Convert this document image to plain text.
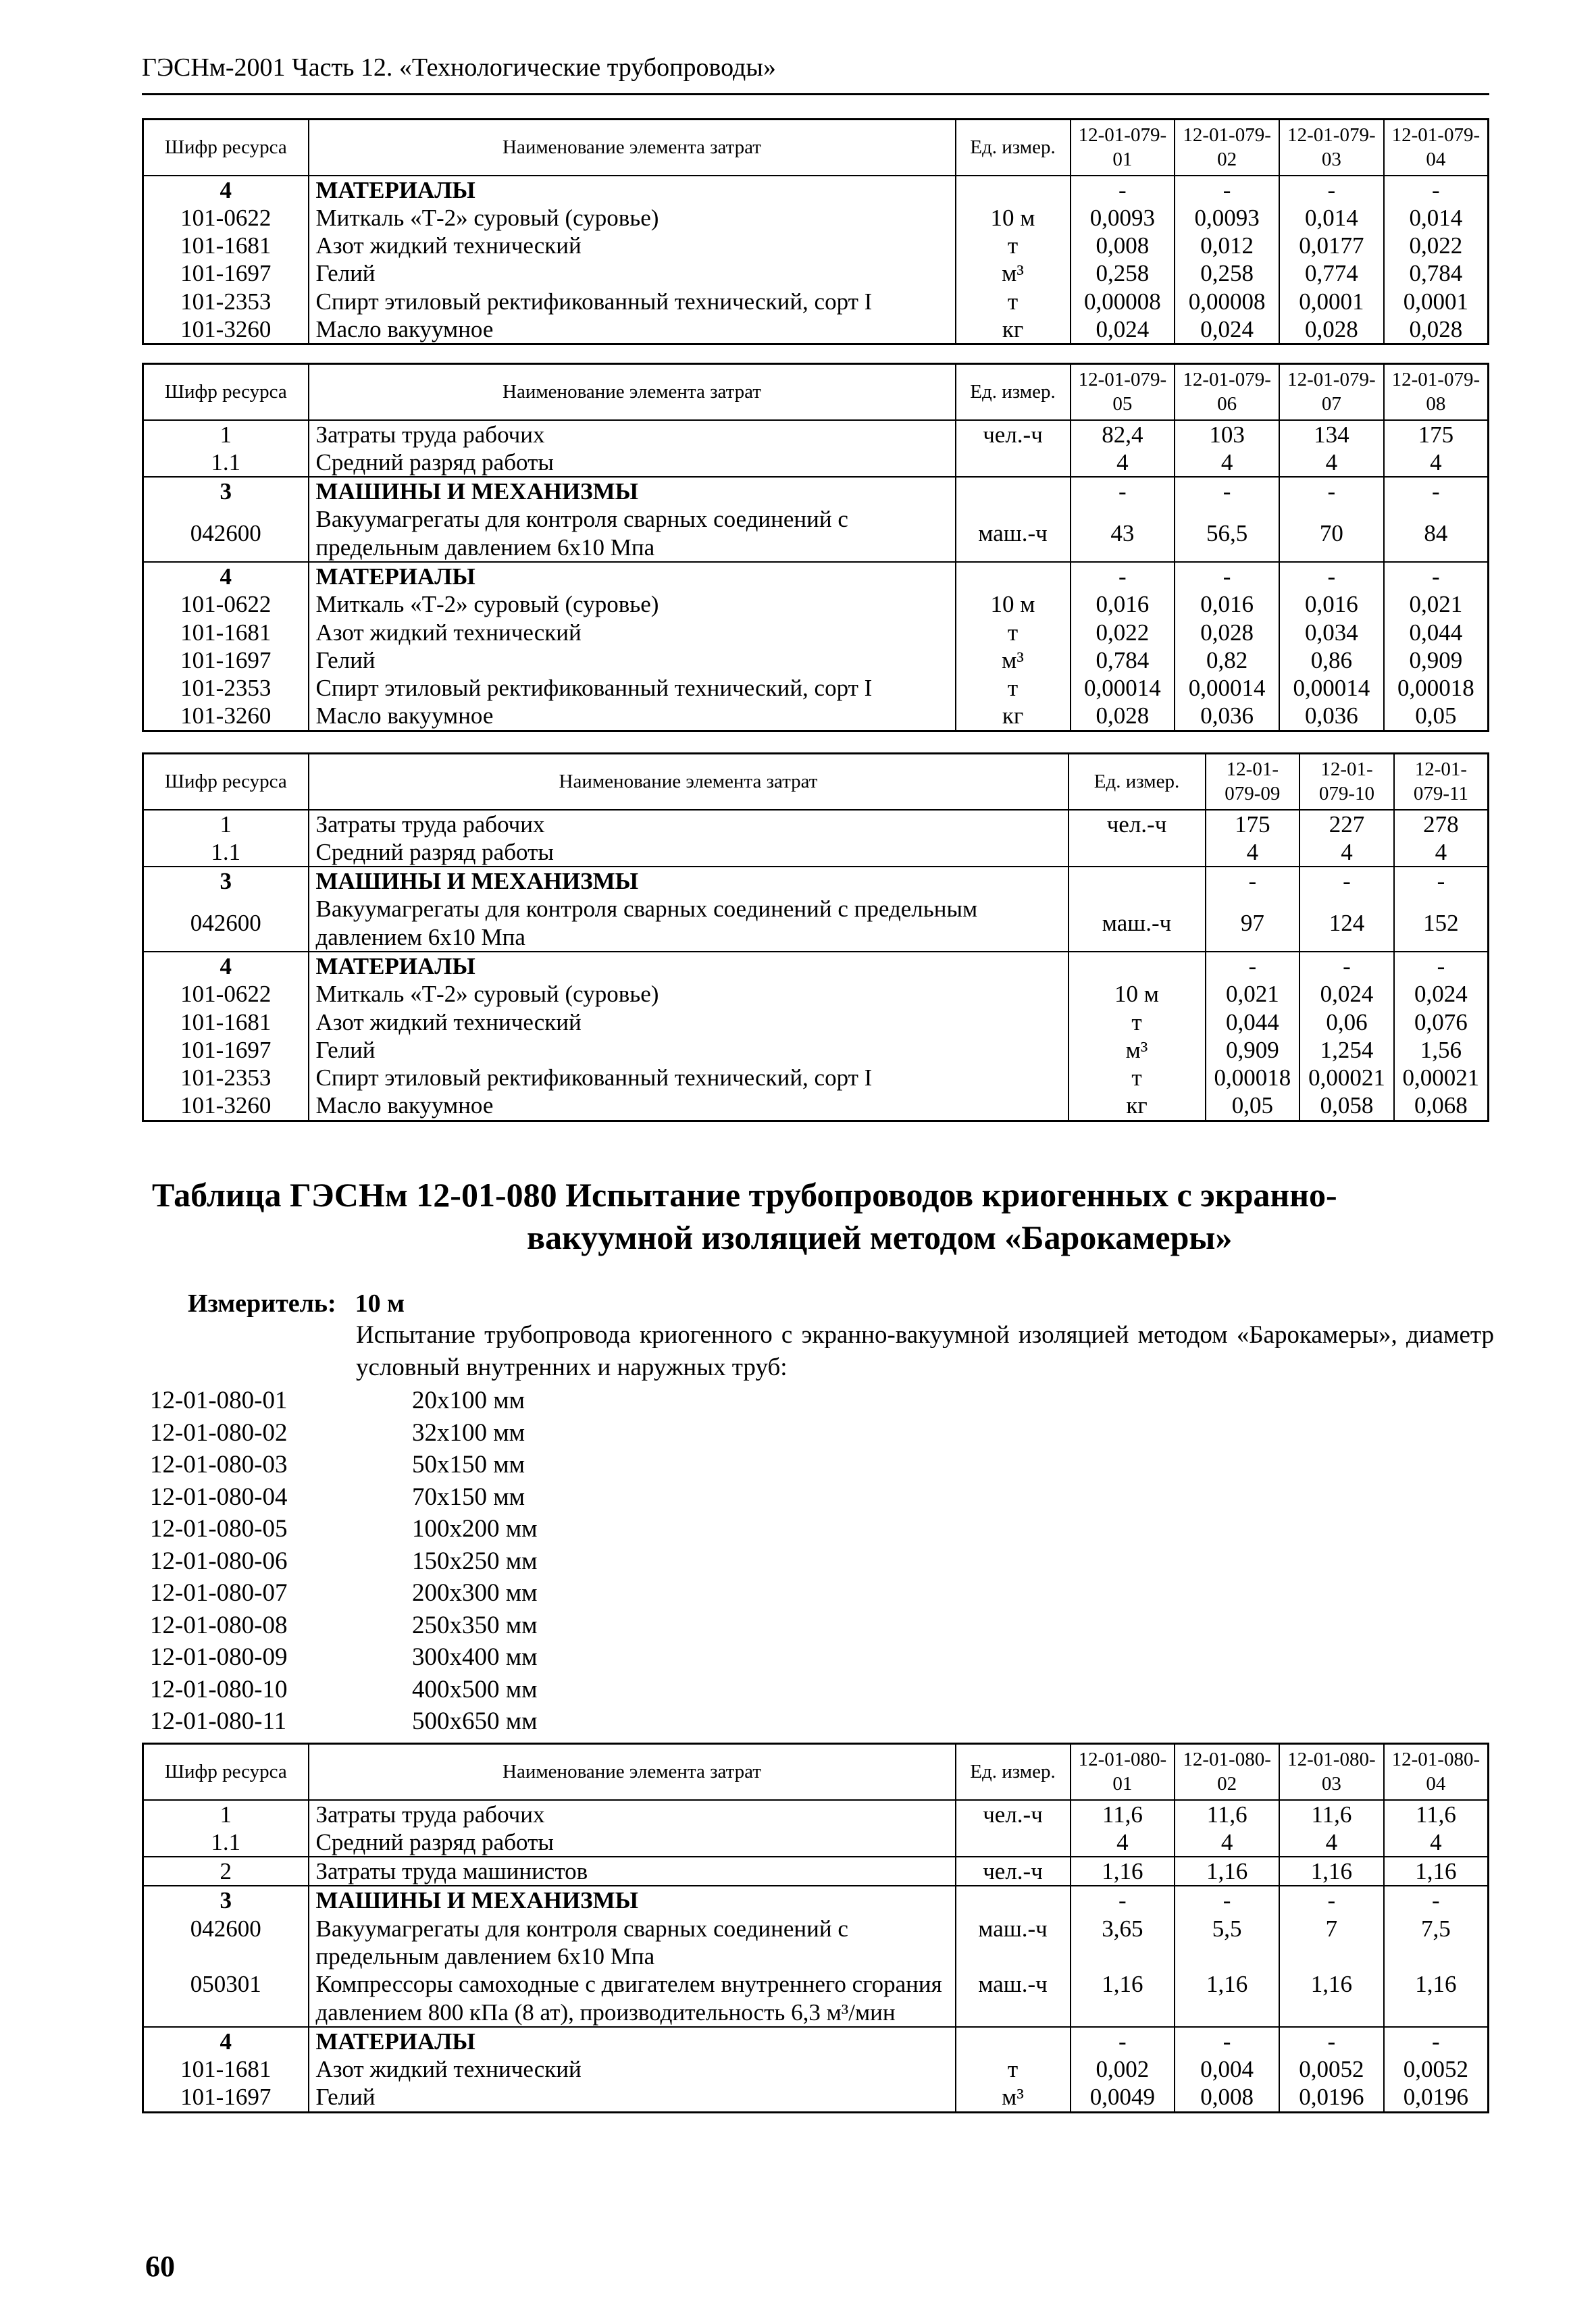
ГЭСНм-2001 Часть 12. «Технологические трубопроводы»
Шифр ресурса	Наименование элемента затрат	Ед. измер.	12-01-079-01	12-01-079-02	12-01-079-03	12-01-079-04
4	МАТЕРИАЛЫ		-	-	-	-
101-0622	Миткаль «Т-2» суровый (суровье)	10 м	0,0093	0,0093	0,014	0,014
101-1681	Азот жидкий технический	т	0,008	0,012	0,0177	0,022
101-1697	Гелий	м³	0,258	0,258	0,774	0,784
101-2353	Спирт этиловый ректификованный технический, сорт I	т	0,00008	0,00008	0,0001	0,0001
101-3260	Масло вакуумное	кг	0,024	0,024	0,028	0,028
Шифр ресурса	Наименование элемента затрат	Ед. измер.	12-01-079-05	12-01-079-06	12-01-079-07	12-01-079-08
1	Затраты труда рабочих	чел.-ч	82,4	103	134	175
1.1	Средний разряд работы		4	4	4	4
3	МАШИНЫ И МЕХАНИЗМЫ		-	-	-	-
042600	Вакуумагрегаты для контроля сварных соединений с предельным давлением 6x10 Мпа	маш.-ч	43	56,5	70	84
4	МАТЕРИАЛЫ		-	-	-	-
101-0622	Миткаль «Т-2» суровый (суровье)	10 м	0,016	0,016	0,016	0,021
101-1681	Азот жидкий технический	т	0,022	0,028	0,034	0,044
101-1697	Гелий	м³	0,784	0,82	0,86	0,909
101-2353	Спирт этиловый ректификованный технический, сорт I	т	0,00014	0,00014	0,00014	0,00018
101-3260	Масло вакуумное	кг	0,028	0,036	0,036	0,05
Шифр ресурса	Наименование элемента затрат	Ед. измер.	12-01-079-09	12-01-079-10	12-01-079-11
1	Затраты труда рабочих	чел.-ч	175	227	278
1.1	Средний разряд работы		4	4	4
3	МАШИНЫ И МЕХАНИЗМЫ		-	-	-
042600	Вакуумагрегаты для контроля сварных соединений с предельным давлением 6x10 Мпа	маш.-ч	97	124	152
4	МАТЕРИАЛЫ		-	-	-
101-0622	Миткаль «Т-2» суровый (суровье)	10 м	0,021	0,024	0,024
101-1681	Азот жидкий технический	т	0,044	0,06	0,076
101-1697	Гелий	м³	0,909	1,254	1,56
101-2353	Спирт этиловый ректификованный технический, сорт I	т	0,00018	0,00021	0,00021
101-3260	Масло вакуумное	кг	0,05	0,058	0,068
Таблица ГЭСНм 12-01-080 Испытание трубопроводов криогенных с экранно-
вакуумной изоляцией методом «Барокамеры»
Измеритель: 10 м
Испытание трубопровода криогенного с экранно-вакуумной изоляцией методом «Барокамеры», диаметр условный внутренних и наружных труб:
12-01-080-01	20x100 мм
12-01-080-02	32x100 мм
12-01-080-03	50x150 мм
12-01-080-04	70x150 мм
12-01-080-05	100x200 мм
12-01-080-06	150x250 мм
12-01-080-07	200x300 мм
12-01-080-08	250x350 мм
12-01-080-09	300x400 мм
12-01-080-10	400x500 мм
12-01-080-11	500x650 мм
Шифр ресурса	Наименование элемента затрат	Ед. измер.	12-01-080-01	12-01-080-02	12-01-080-03	12-01-080-04
1	Затраты труда рабочих	чел.-ч	11,6	11,6	11,6	11,6
1.1	Средний разряд работы		4	4	4	4
2	Затраты труда машинистов	чел.-ч	1,16	1,16	1,16	1,16
3	МАШИНЫ И МЕХАНИЗМЫ		-	-	-	-
042600	Вакуумагрегаты для контроля сварных соединений с предельным давлением 6x10 Мпа	маш.-ч	3,65	5,5	7	7,5
050301	Компрессоры самоходные с двигателем внутреннего сгорания давлением 800 кПа (8 ат), производительность 6,3 м³/мин	маш.-ч	1,16	1,16	1,16	1,16
4	МАТЕРИАЛЫ		-	-	-	-
101-1681	Азот жидкий технический	т	0,002	0,004	0,0052	0,0052
101-1697	Гелий	м³	0,0049	0,008	0,0196	0,0196
60
